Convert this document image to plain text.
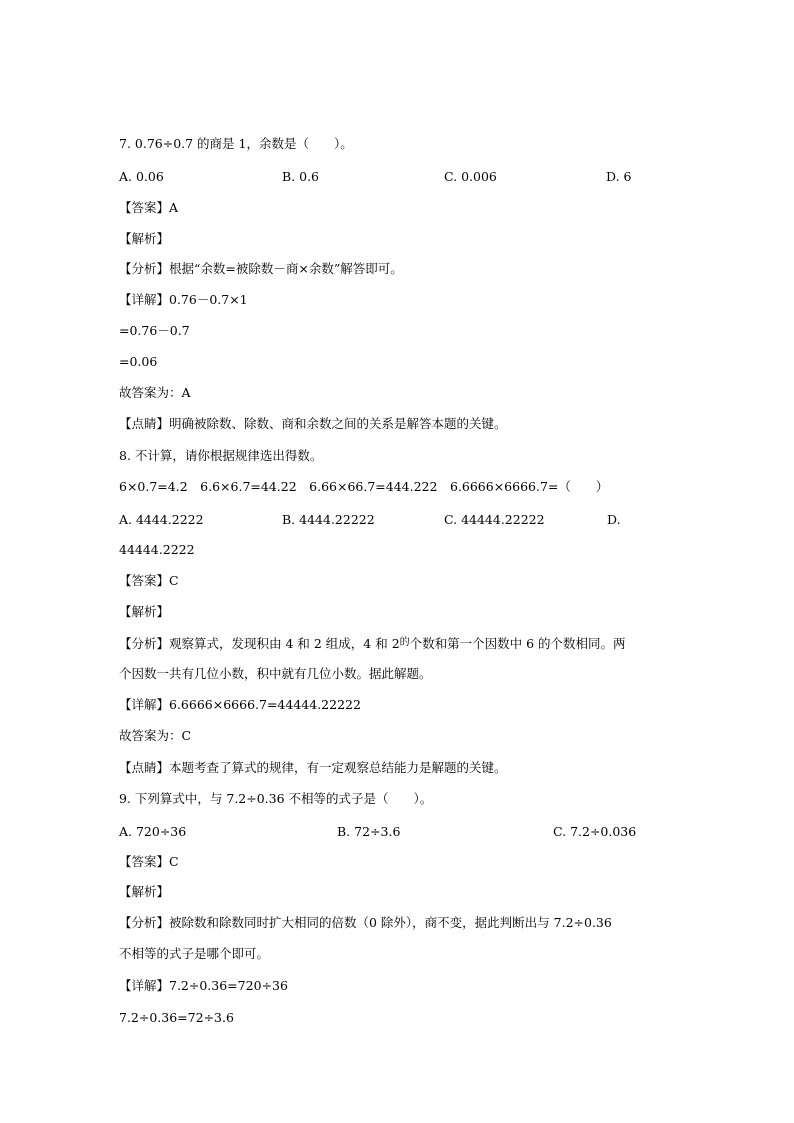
7. 0.76÷0.7 的商是 1，余数是（　　）。
A. 0.06	B. 0.6	C. 0.006	D. 6
【答案】A
【解析】
【分析】根据“余数=被除数－商×余数”解答即可。
【详解】0.76－0.7×1
=0.76－0.7
=0.06
故答案为：A
【点睛】明确被除数、除数、商和余数之间的关系是解答本题的关键。
8. 不计算，请你根据规律选出得数。
6×0.7=4.2　6.6×6.7=44.22　6.66×66.7=444.222　6.6666×6666.7=（　　）
A. 4444.2222	B. 4444.22222	C. 44444.22222	D.
44444.2222
【答案】C
【解析】
【分析】观察算式，发现积由 4 和 2 组成，4 和 $2^的$个数和第一个因数中 6 的个数相同。两
个因数一共有几位小数，积中就有几位小数。据此解题。
【详解】6.6666×6666.7=44444.22222
故答案为：C
【点睛】本题考查了算式的规律，有一定观察总结能力是解题的关键。
9. 下列算式中，与 7.2÷0.36 不相等的式子是（　　）。
A. 720÷36	B. 72÷3.6	C. 7.2÷0.036
【答案】C
【解析】
【分析】被除数和除数同时扩大相同的倍数（0 除外），商不变，据此判断出与 7.2÷0.36
不相等的式子是哪个即可。
【详解】7.2÷0.36=720÷36
7.2÷0.36=72÷3.6
